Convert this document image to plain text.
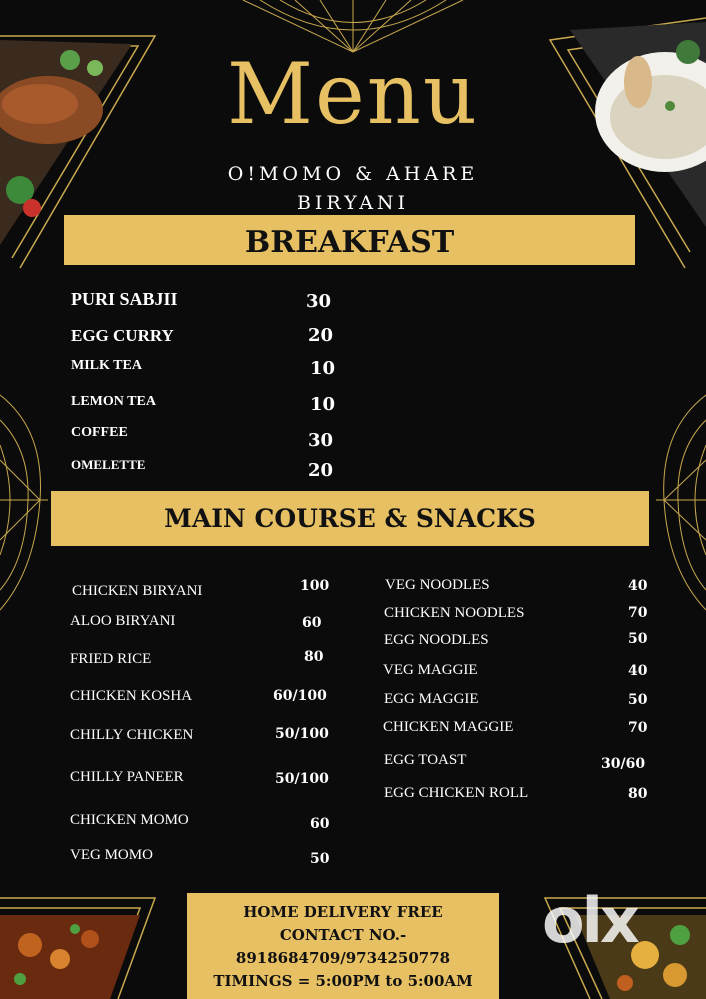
Menu
O!MOMO & AHARE
BIRYANI
BREAKFAST
PURI SABJII	30
EGG CURRY	20
MILK TEA	10
LEMON TEA	10
COFFEE	30
OMELETTE	20
MAIN COURSE & SNACKS
CHICKEN BIRYANI	100
ALOO BIRYANI	60
FRIED RICE	80
CHICKEN KOSHA	60/100
CHILLY CHICKEN	50/100
CHILLY PANEER	50/100
CHICKEN MOMO	60
VEG MOMO	50
VEG NOODLES	40
CHICKEN NOODLES	70
EGG NOODLES	50
VEG MAGGIE	40
EGG MAGGIE	50
CHICKEN MAGGIE	70
EGG TOAST	30/60
EGG CHICKEN ROLL	80
HOME DELIVERY FREE
CONTACT NO.-
8918684709/9734250778
TIMINGS = 5:00PM to 5:00AM
olx
